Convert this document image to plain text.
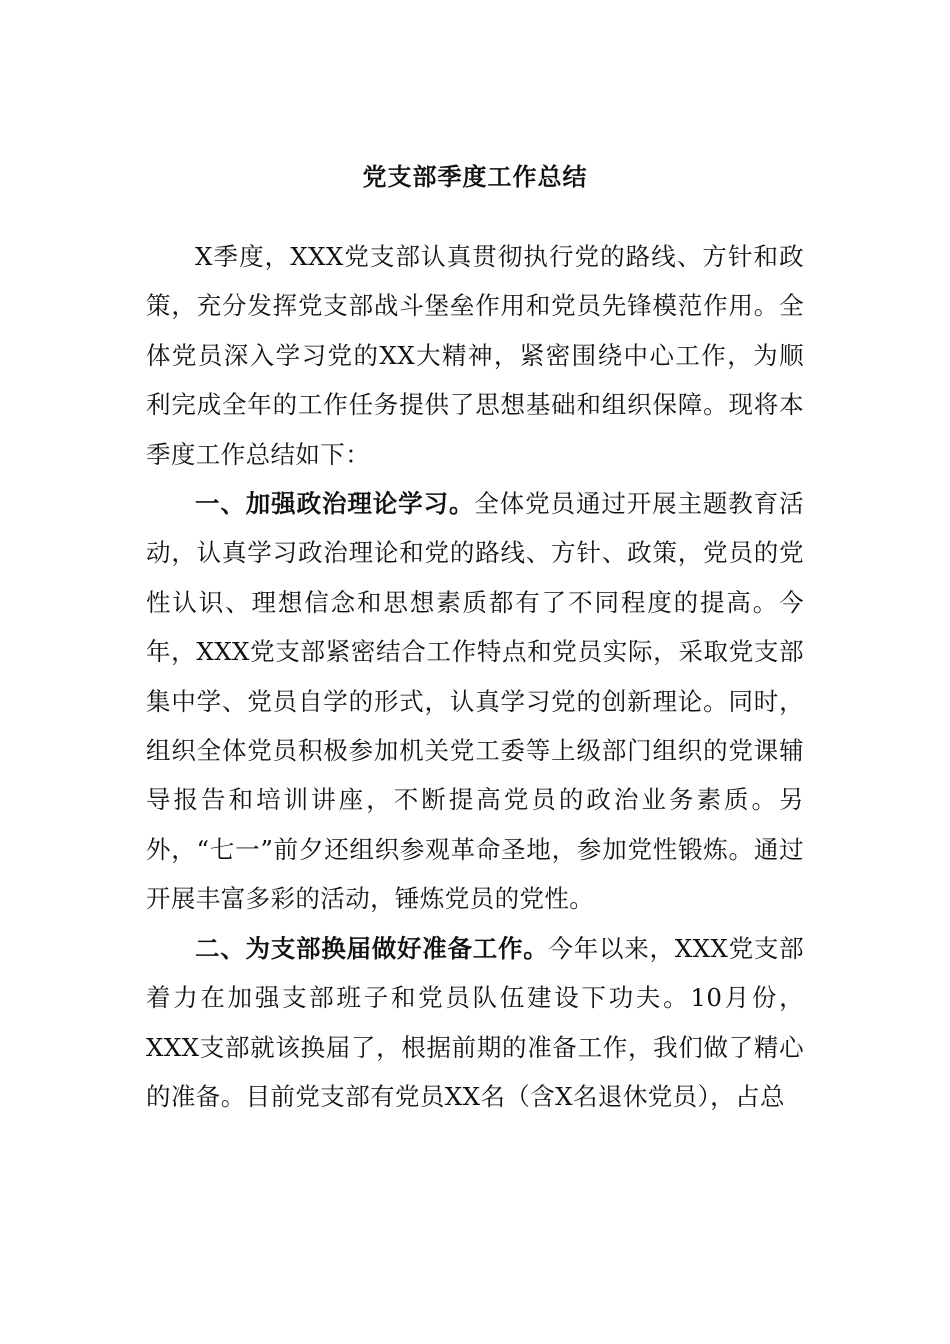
党支部季度工作总结

X季度，XXX党支部认真贯彻执行党的路线、方针和政策，充分发挥党支部战斗堡垒作用和党员先锋模范作用。全体党员深入学习党的XX大精神，紧密围绕中心工作，为顺利完成全年的工作任务提供了思想基础和组织保障。现将本季度工作总结如下：

一、加强政治理论学习。全体党员通过开展主题教育活动，认真学习政治理论和党的路线、方针、政策，党员的党性认识、理想信念和思想素质都有了不同程度的提高。今年，XXX党支部紧密结合工作特点和党员实际，采取党支部集中学、党员自学的形式，认真学习党的创新理论。同时，组织全体党员积极参加机关党工委等上级部门组织的党课辅导报告和培训讲座，不断提高党员的政治业务素质。另外，“七一”前夕还组织参观革命圣地，参加党性锻炼。通过开展丰富多彩的活动，锤炼党员的党性。

二、为支部换届做好准备工作。今年以来，XXX党支部着力在加强支部班子和党员队伍建设下功夫。10月份，XXX支部就该换届了，根据前期的准备工作，我们做了精心的准备。目前党支部有党员XX名（含X名退休党员），占总
